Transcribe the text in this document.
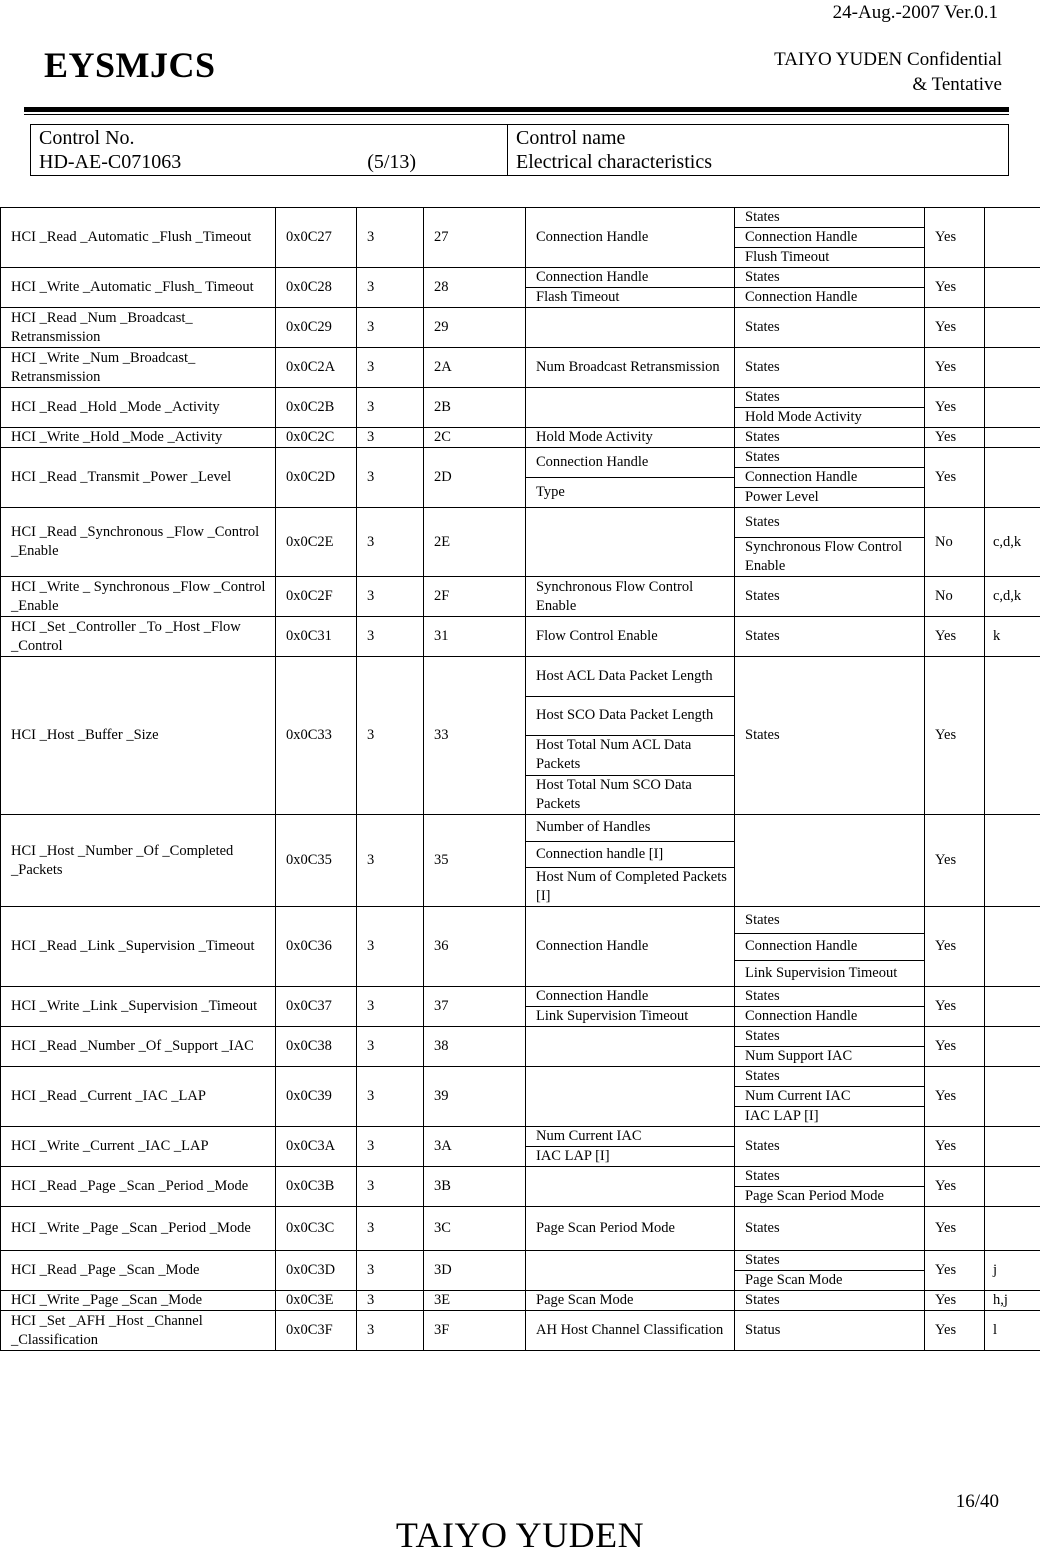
24-Aug.-2007 Ver.0.1
EYSMJCS	TAIYO YUDEN Confidential
& Tentative
Control No.
HD-AE-C071063	(5/13)

Control name
Electrical characteristics
HCI _Read _Automatic _Flush _Timeout	0x0C27	3	27	Connection Handle	States	Yes	
					Connection Handle		
					Flush Timeout		
HCI _Write _Automatic _Flush_ Timeout	0x0C28	3	28	Connection Handle	States	Yes	
				Flash Timeout	Connection Handle		
HCI _Read _Num _Broadcast_ Retransmission	0x0C29	3	29		States	Yes	
HCI _Write _Num _Broadcast_ Retransmission	0x0C2A	3	2A	Num Broadcast Retransmission	States	Yes	
HCI _Read _Hold _Mode _Activity	0x0C2B	3	2B		States	Yes	
					Hold Mode Activity		
HCI _Write _Hold _Mode _Activity	0x0C2C	3	2C	Hold Mode Activity	States	Yes	
HCI _Read _Transmit _Power _Level	0x0C2D	3	2D	Connection Handle	States	Yes	

					Connection Handle		
				Type			
					Power Level		

HCI _Read _Synchronous _Flow _Control _Enable	0x0C2E	3	2E		States	No	c,d,k
					Synchronous Flow Control Enable		
HCI _Write _ Synchronous _Flow _Control _Enable	0x0C2F	3	2F	Synchronous Flow Control Enable	States	No	c,d,k
HCI _Set _Controller _To _Host _Flow _Control	0x0C31	3	31	Flow Control Enable	States	Yes	k
HCI _Host _Buffer _Size	0x0C33	3	33	Host ACL Data Packet Length	States	Yes	
				Host SCO Data Packet Length			
				Host Total Num ACL Data Packets			
				Host Total Num SCO Data Packets			
HCI _Host _Number _Of _Completed _Packets	0x0C35	3	35	Number of Handles		Yes	
				Connection handle [I]			
				Host Num of Completed Packets [I]			
HCI _Read _Link _Supervision _Timeout	0x0C36	3	36	Connection Handle	States	Yes	
					Connection Handle		
					Link Supervision Timeout		
HCI _Write _Link _Supervision _Timeout	0x0C37	3	37	Connection Handle	States	Yes	
				Link Supervision Timeout	Connection Handle		
HCI _Read _Number _Of _Support _IAC	0x0C38	3	38		States	Yes	
					Num Support IAC		
HCI _Read _Current _IAC _LAP	0x0C39	3	39		States	Yes	
					Num Current IAC		
					IAC LAP [I]		
HCI _Write _Current _IAC _LAP	0x0C3A	3	3A	Num Current IAC	States	Yes	
				IAC LAP [I]			
HCI _Read _Page _Scan _Period _Mode	0x0C3B	3	3B		States	Yes	
					Page Scan Period Mode		
HCI _Write _Page _Scan _Period _Mode	0x0C3C	3	3C	Page Scan Period Mode	States	Yes	
HCI _Read _Page _Scan _Mode	0x0C3D	3	3D		States	Yes	j
					Page Scan Mode		
HCI _Write _Page _Scan _Mode	0x0C3E	3	3E	Page Scan Mode	States	Yes	h,j
HCI _Set _AFH _Host _Channel _Classification	0x0C3F	3	3F	AH Host Channel Classification	Status	Yes	l
16/40
TAIYO YUDEN
